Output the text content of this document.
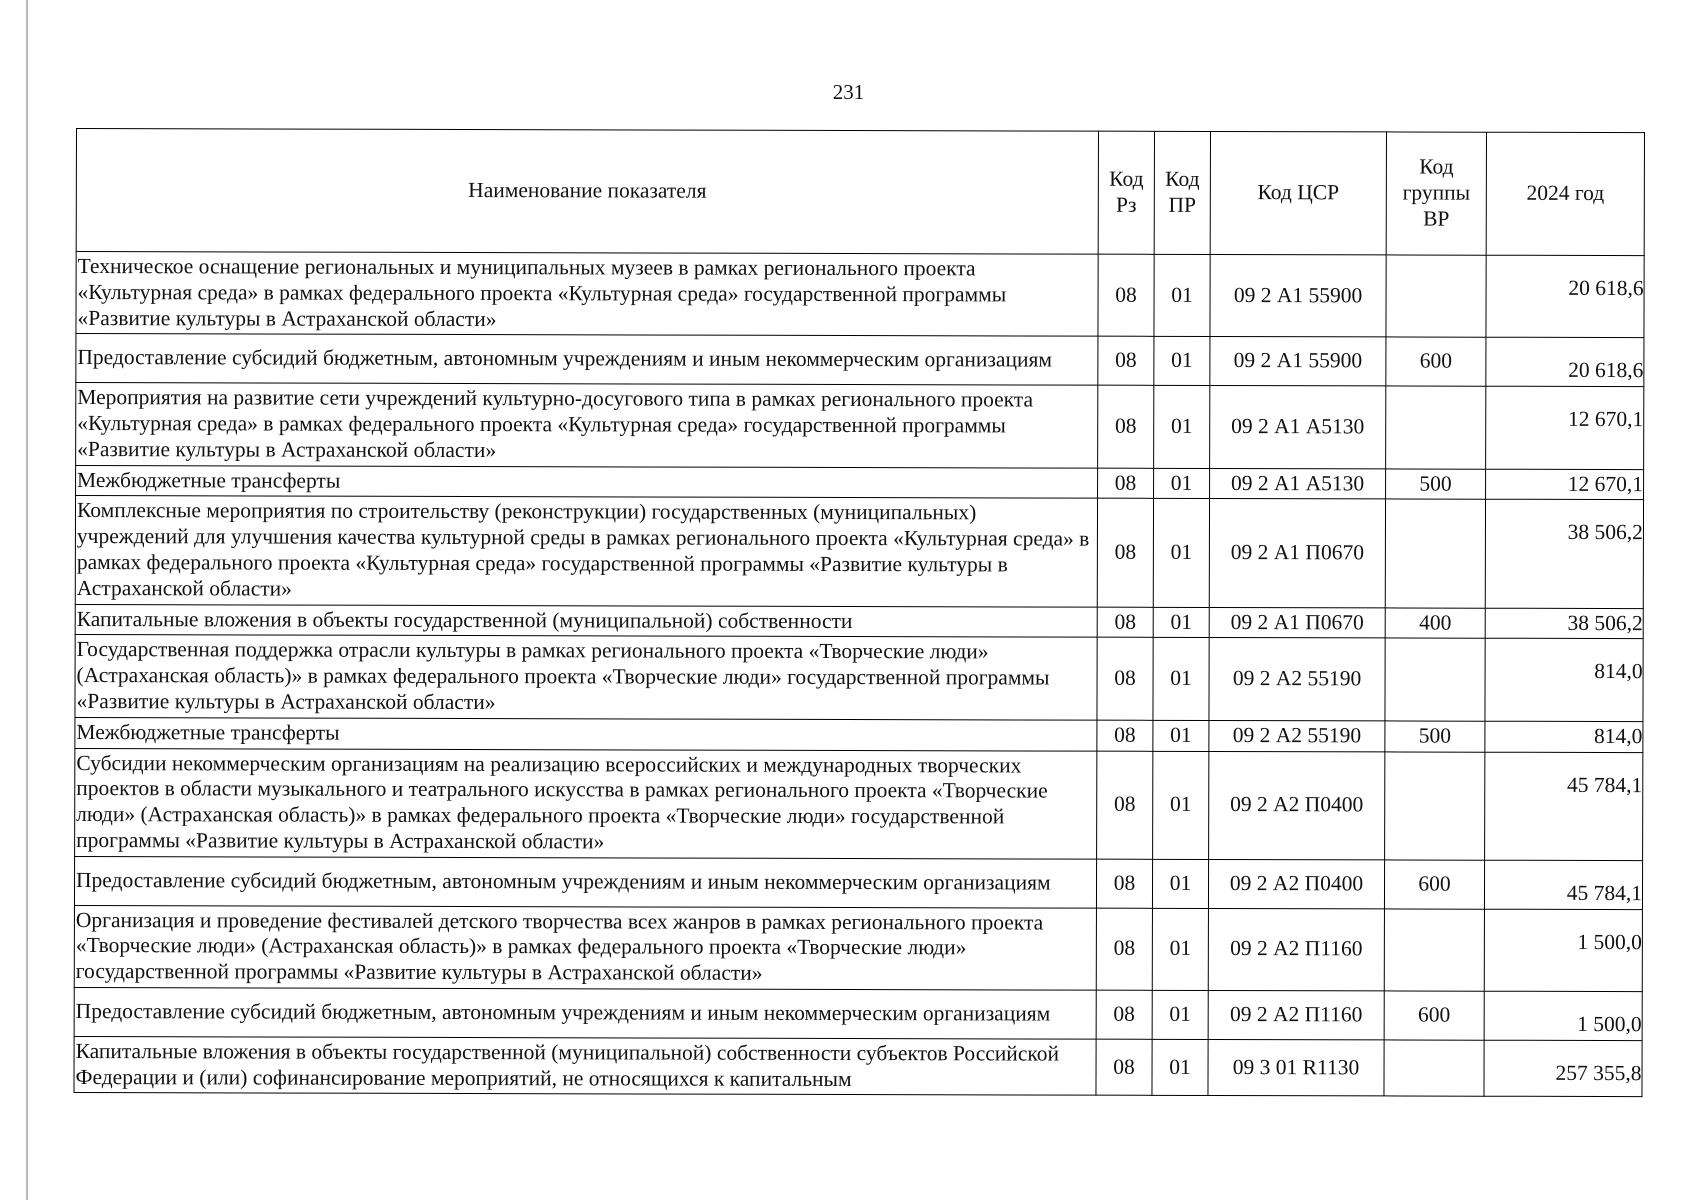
231
Наименование показателя	Код Рз	Код ПР	Код ЦСР	Код группы ВР	2024 год
Техническое оснащение региональных и муниципальных музеев в рамках регионального проекта «Культурная среда» в рамках федерального проекта «Культурная среда» государственной программы «Развитие культуры в Астраханской области»	08	01	09 2 А1 55900		20 618,6
Предоставление субсидий бюджетным, автономным учреждениям и иным некоммерческим организациям	08	01	09 2 А1 55900	600	20 618,6
Мероприятия на развитие сети учреждений культурно-досугового типа в рамках регионального проекта «Культурная среда» в рамках федерального проекта «Культурная среда» государственной программы «Развитие культуры в Астраханской области»	08	01	09 2 А1 А5130		12 670,1
Межбюджетные трансферты	08	01	09 2 А1 А5130	500	12 670,1
Комплексные мероприятия по строительству (реконструкции) государственных (муниципальных) учреждений для улучшения качества культурной среды в рамках регионального проекта «Культурная среда» в рамках федерального проекта «Культурная среда» государственной программы «Развитие культуры в Астраханской области»	08	01	09 2 А1 П0670		38 506,2
Капитальные вложения в объекты государственной (муниципальной) собственности	08	01	09 2 А1 П0670	400	38 506,2
Государственная поддержка отрасли культуры в рамках регионального проекта «Творческие люди» (Астраханская область)» в рамках федерального проекта «Творческие люди» государственной программы «Развитие культуры в Астраханской области»	08	01	09 2 А2 55190		814,0
Межбюджетные трансферты	08	01	09 2 А2 55190	500	814,0
Субсидии некоммерческим организациям на реализацию всероссийских и международных творческих проектов в области музыкального и театрального искусства в рамках регионального проекта «Творческие люди» (Астраханская область)» в рамках федерального проекта «Творческие люди» государственной программы «Развитие культуры в Астраханской области»	08	01	09 2 А2 П0400		45 784,1
Предоставление субсидий бюджетным, автономным учреждениям и иным некоммерческим организациям	08	01	09 2 А2 П0400	600	45 784,1
Организация и проведение фестивалей детского творчества всех жанров в рамках регионального проекта «Творческие люди» (Астраханская область)» в рамках федерального проекта «Творческие люди» государственной программы «Развитие культуры в Астраханской области»	08	01	09 2 А2 П1160		1 500,0
Предоставление субсидий бюджетным, автономным учреждениям и иным некоммерческим организациям	08	01	09 2 А2 П1160	600	1 500,0
Капитальные вложения в объекты государственной (муниципальной) собственности субъектов Российской Федерации и (или) софинансирование мероприятий, не относящихся к капитальным	08	01	09 3 01 R1130		257 355,8
